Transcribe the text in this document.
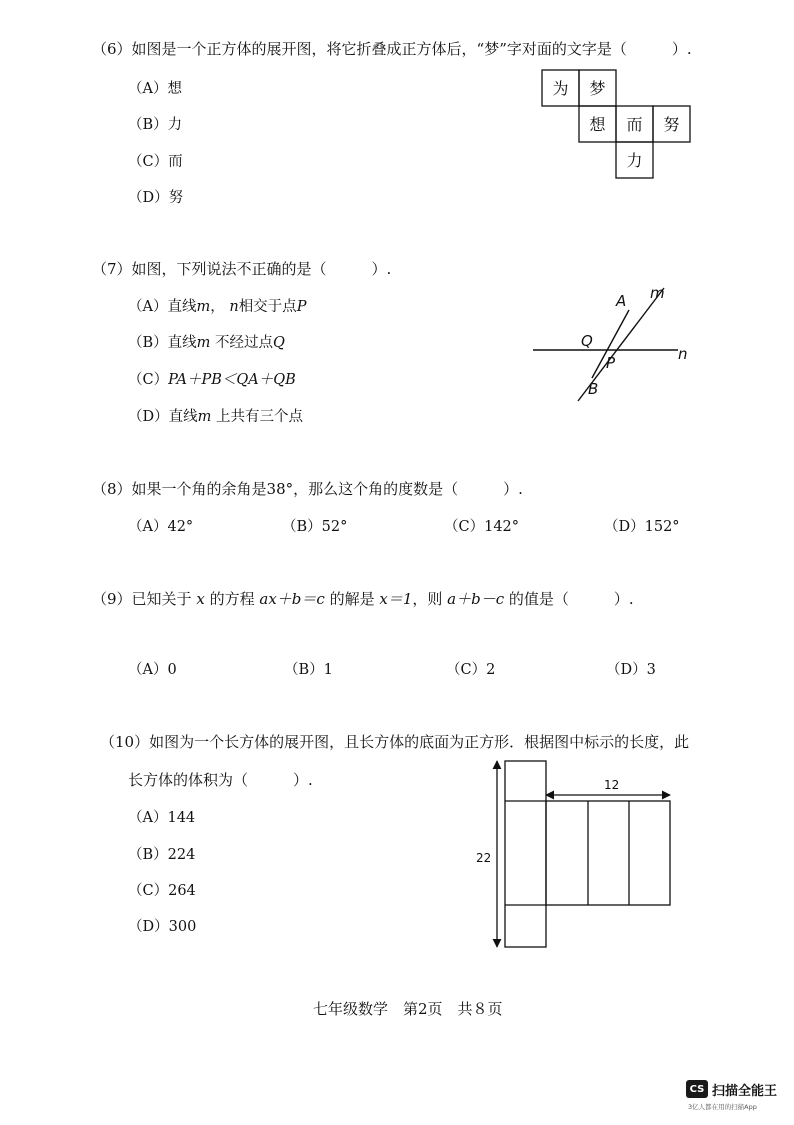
（6）如图是一个正方体的展开图，将它折叠成正方体后，“梦”字对面的文字是（　　　）.
（A）想
（B）力
（C）而
（D）努
为 梦
想 而 努
力
（7）如图，下列说法不正确的是（　　　）.
（A）直线m， n相交于点P
（B）直线m 不经过点Q
（C）PA＋PB＜QA＋QB
（D）直线m 上共有三个点
A m
Q
P	n
B
（8）如果一个角的余角是38°，那么这个角的度数是（　　　）.
（A）42°	（B）52°	（C）142°	（D）152°
（9）已知关于 x 的方程 ax＋b＝c 的解是 x＝1，则 a＋b－c 的值是（　　　）.
（A）0	（B）1	（C）2	（D）3
（10）如图为一个长方体的展开图，且长方体的底面为正方形．根据图中标示的长度，此
长方体的体积为（　　　）.
（A）144
（B）224
（C）264
（D）300
12
22
七年级数学　第2页　共８页
CS 扫描全能王
3亿人都在用的扫描App
